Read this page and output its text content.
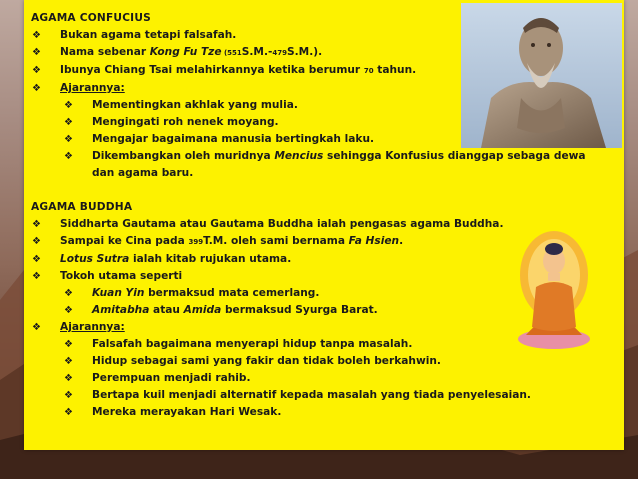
AGAMA CONFUCIUS
❖ Bukan agama tetapi falsafah.
❖ Nama sebenar Kong Fu Tze (551S.M.-479S.M.).
❖ Ibunya Chiang Tsai melahirkannya ketika berumur 70 tahun.
❖ Ajarannya:
❖ Mementingkan akhlak yang mulia.
❖ Mengingati roh nenek moyang.
❖ Mengajar bagaimana manusia bertingkah laku.
❖ Dikembangkan oleh muridnya Mencius sehingga Konfusius dianggap sebaga dewa
dan agama baru.
AGAMA BUDDHA
❖ Siddharta Gautama atau Gautama Buddha ialah pengasas agama Buddha.
❖ Sampai ke Cina pada 399T.M. oleh sami bernama Fa Hsien.
❖ Lotus Sutra ialah kitab rujukan utama.
❖ Tokoh utama seperti
❖ Kuan Yin bermaksud mata cemerlang.
❖ Amitabha atau Amida bermaksud Syurga Barat.
❖ Ajarannya:
❖ Falsafah bagaimana menyerapi hidup tanpa masalah.
❖ Hidup sebagai sami yang fakir dan tidak boleh berkahwin.
❖ Perempuan menjadi rahib.
❖ Bertapa kuil menjadi alternatif kepada masalah yang tiada penyelesaian.
❖ Mereka merayakan Hari Wesak.
